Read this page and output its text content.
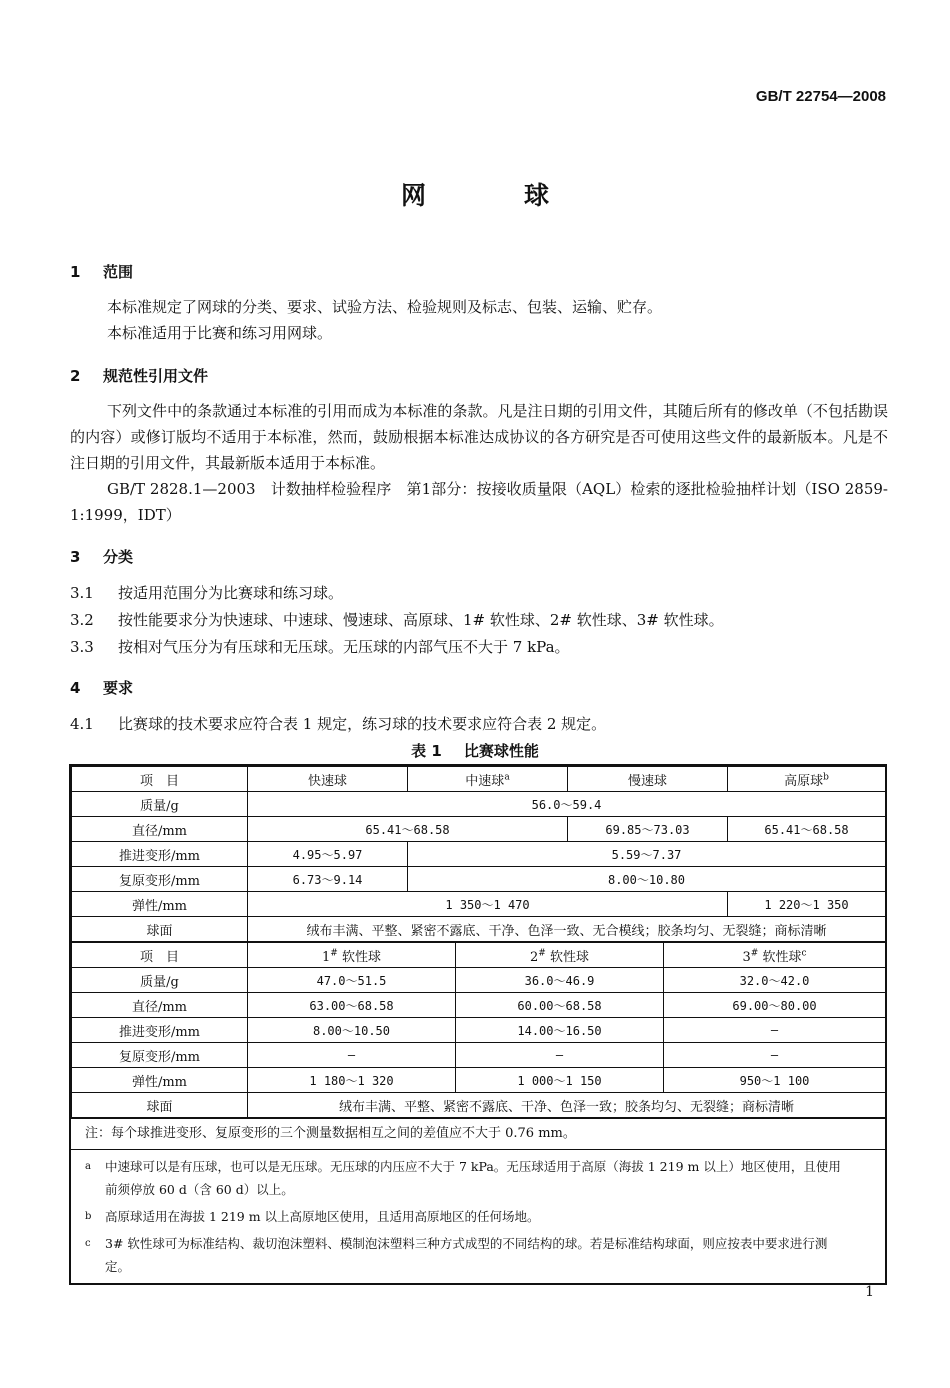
GB/T 22754—2008
网球
1 范围
本标准规定了网球的分类、要求、试验方法、检验规则及标志、包装、运输、贮存。
本标准适用于比赛和练习用网球。
2 规范性引用文件
下列文件中的条款通过本标准的引用而成为本标准的条款。凡是注日期的引用文件，其随后所有的修改单（不包括勘误的内容）或修订版均不适用于本标准，然而，鼓励根据本标准达成协议的各方研究是否可使用这些文件的最新版本。凡是不注日期的引用文件，其最新版本适用于本标准。
GB/T 2828.1—2003　计数抽样检验程序　第1部分：按接收质量限（AQL）检索的逐批检验抽样计划（ISO 2859-1:1999，IDT）
3 分类
3.1 按适用范围分为比赛球和练习球。
3.2 按性能要求分为快速球、中速球、慢速球、高原球、1# 软性球、2# 软性球、3# 软性球。
3.3 按相对气压分为有压球和无压球。无压球的内部气压不大于 7 kPa。
4 要求
4.1 比赛球的技术要求应符合表 1 规定，练习球的技术要求应符合表 2 规定。
表 1 比赛球性能
项　目	快速球	中速球$^a$	慢速球	高原球$^b$
质量/g	56.0～59.4			
直径/mm	65.41～68.58		69.85～73.03	65.41～68.58
推进变形/mm	4.95～5.97	5.59～7.37		
复原变形/mm	6.73～9.14	8.00～10.80		
弹性/mm	1 350～1 470			1 220～1 350
球面	绒布丰满、平整、紧密不露底、干净、色泽一致、无合模线；胶条均匀、无裂缝；商标清晰			
项　目	1# 软性球	2# 软性球	3# 软性球$^c$
质量/g	47.0～51.5	36.0～46.9	32.0～42.0
直径/mm	63.00～68.58	60.00～68.58	69.00～80.00
推进变形/mm	8.00～10.50	14.00～16.50	—
复原变形/mm	—	—	—
弹性/mm	1 180～1 320	1 000～1 150	950～1 100
球面	绒布丰满、平整、紧密不露底、干净、色泽一致；胶条均匀、无裂缝；商标清晰		
注：每个球推进变形、复原变形的三个测量数据相互之间的差值应不大于 0.76 mm。
a 中速球可以是有压球，也可以是无压球。无压球的内压应不大于 7 kPa。无压球适用于高原（海拔 1 219 m 以上）地区使用，且使用前须停放 60 d（含 60 d）以上。
b 高原球适用在海拔 1 219 m 以上高原地区使用，且适用高原地区的任何场地。
c 3# 软性球可为标准结构、裁切泡沫塑料、模制泡沫塑料三种方式成型的不同结构的球。若是标准结构球面，则应按表中要求进行测定。
1
